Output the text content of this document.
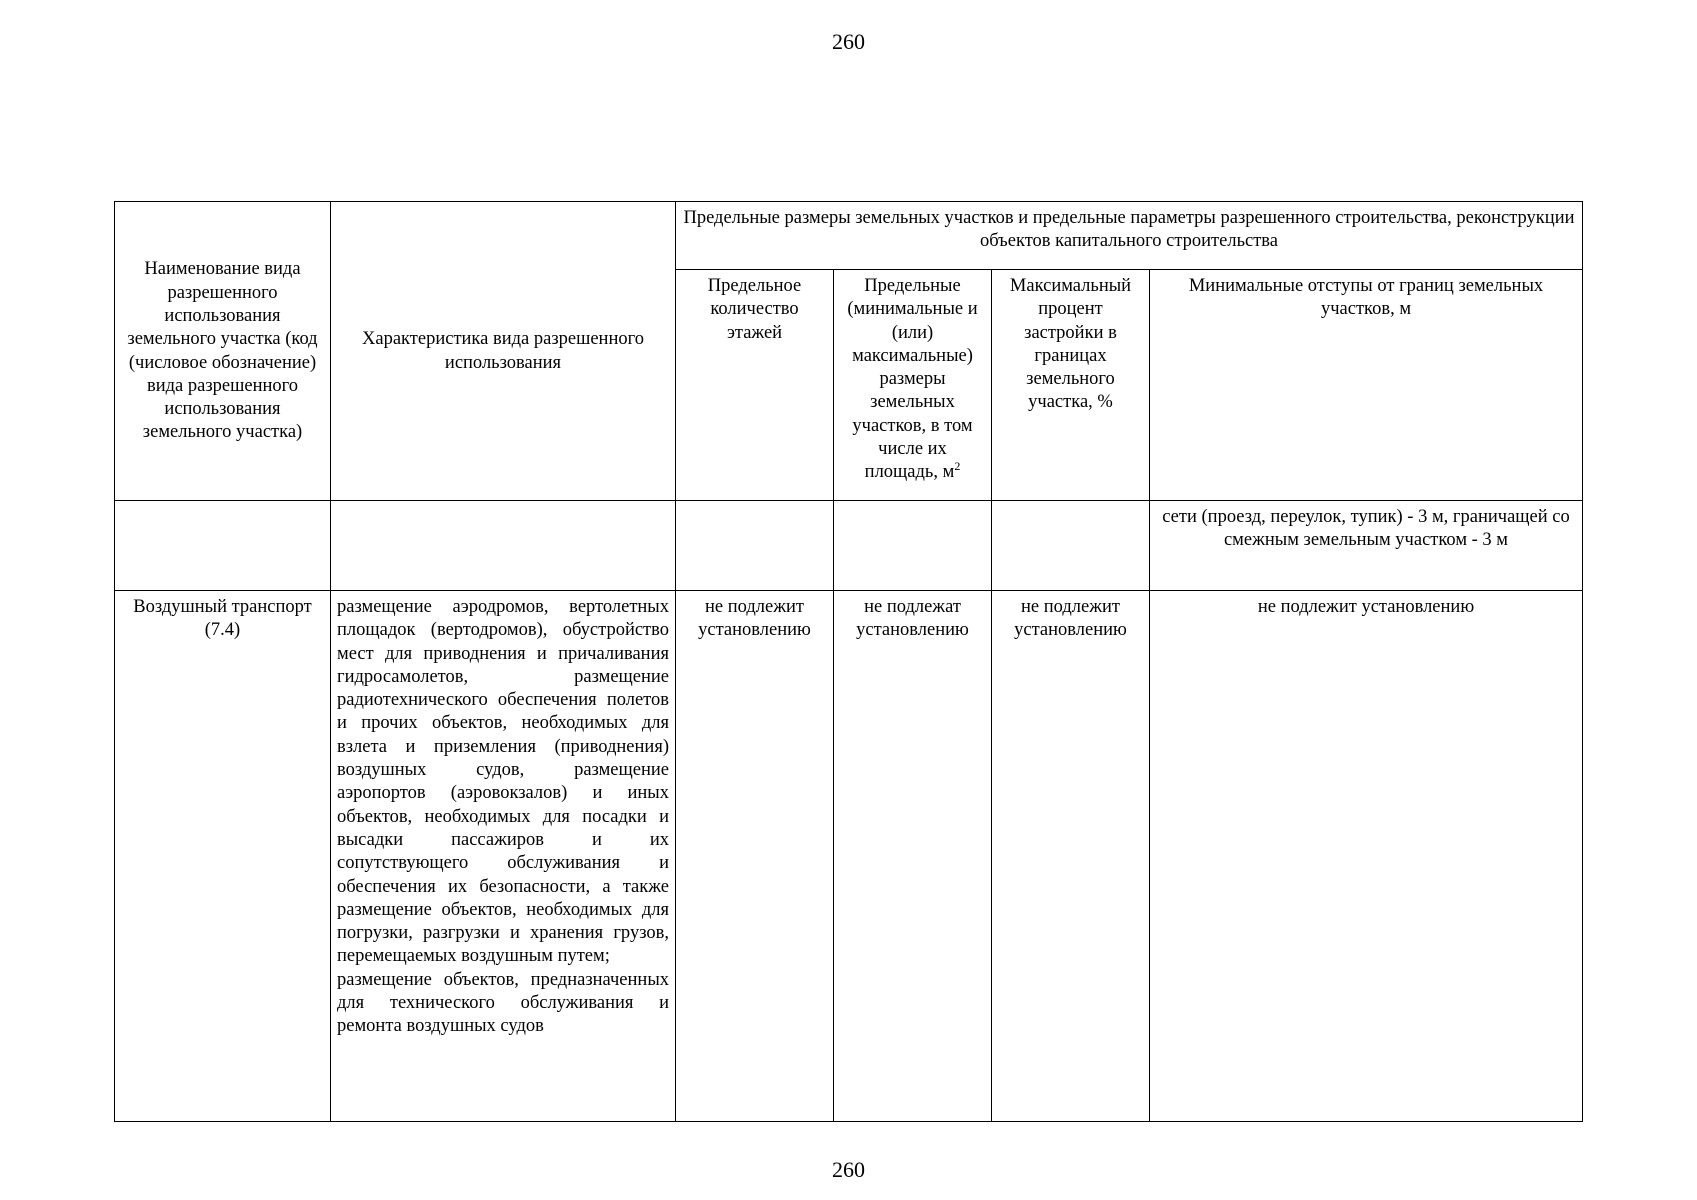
260
Наименование вида разрешенного использования земельного участка (код (числовое обозначение) вида разрешенного использования земельного участка)	Характеристика вида разрешенного использования	Предельные размеры земельных участков и предельные параметры разрешенного строительства, реконструкции объектов капитального строительства			
		Предельное количество этажей	Предельные (минимальные и (или) максимальные) размеры земельных участков, в том числе их площадь, $м^2$	Максимальный процент застройки в границах земельного участка, %	Минимальные отступы от границ земельных участков, м
					сети (проезд, переулок, тупик) - 3 м, граничащей со смежным земельным участком - 3 м
Воздушный транспорт (7.4)	размещение аэродромов, вертолетных площадок (вертодромов), обустройство мест для приводнения и причаливания гидросамолетов, размещение радиотехнического обеспечения полетов и прочих объектов, необходимых для взлета и приземления (приводнения) воздушных судов, размещение аэропортов (аэровокзалов) и иных объектов, необходимых для посадки и высадки пассажиров и их сопутствующего обслуживания и обеспечения их безопасности, а также размещение объектов, необходимых для погрузки, разгрузки и хранения грузов, перемещаемых воздушным путем;
размещение объектов, предназначенных для технического обслуживания и ремонта воздушных судов	не подлежит установлению	не подлежат установлению	не подлежит установлению	не подлежит установлению
260
